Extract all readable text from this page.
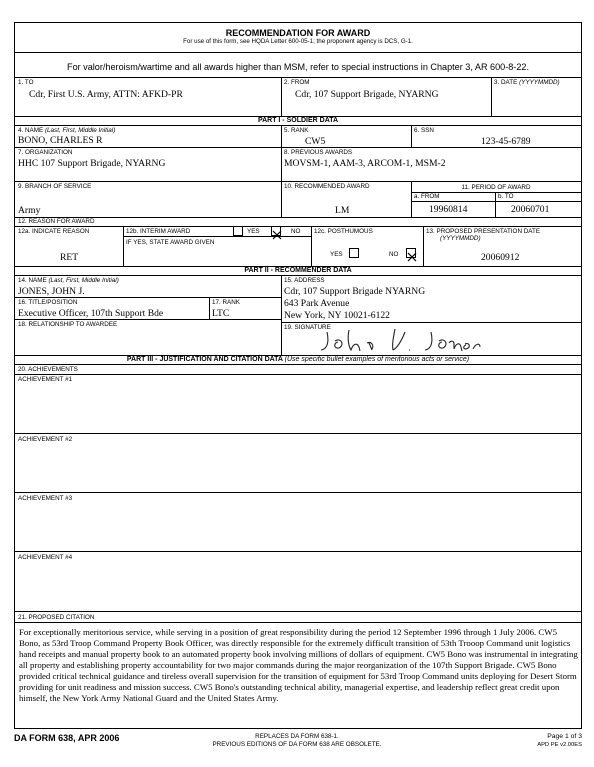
RECOMMENDATION FOR AWARD
For use of this form, see HQDA Letter 600-05-1; the proponent agency is DCS, G-1.
For valor/heroism/wartime and all awards higher than MSM, refer to special instructions in Chapter 3, AR 600-8-22.
1. TO
Cdr, First U.S. Army, ATTN: AFKD-PR
2. FROM
Cdr, 107 Support Brigade, NYARNG
3. DATE (YYYYMMDD)
PART I - SOLDIER DATA
4. NAME (Last, First, Middle Initial)
BONO, CHARLES R
5. RANK
CW5
6. SSN
123-45-6789
7. ORGANIZATION
HHC 107 Support Brigade, NYARNG
8. PREVIOUS AWARDS
MOVSM-1, AAM-3, ARCOM-1, MSM-2
9. BRANCH OF SERVICE
Army
10. RECOMMENDED AWARD
LM
11. PERIOD OF AWARD
a. FROM
19960814
b. TO
20060701
12. REASON FOR AWARD
12a. INDICATE REASON
RET
12b. INTERIM AWARD	YES	NO
IF YES, STATE AWARD GIVEN
12c. POSTHUMOUS
YES	NO
13. PROPOSED PRESENTATION DATE
(YYYYMMDD)
20060912
PART II - RECOMMENDER DATA
14. NAME (Last, First, Middle Initial)
JONES, JOHN J.
16. TITLE/POSITION
Executive Officer, 107th Support Bde
17. RANK
LTC
18. RELATIONSHIP TO AWARDEE
15. ADDRESS
Cdr, 107 Support Brigade NYARNG
643 Park Avenue
New York, NY 10021-6122
19. SIGNATURE
PART III - JUSTIFICATION AND CITATION DATA (Use specific bullet examples of meritorious acts or service)
20. ACHIEVEMENTS
ACHIEVEMENT #1
ACHIEVEMENT #2
ACHIEVEMENT #3
ACHIEVEMENT #4
21. PROPOSED CITATION
For exceptionally meritorious service, while serving in a position of great responsibility during the period 12 September 1996 through 1 July 2006. CW5 Bono, as 53rd Troop Command Property Book Officer, was directly responsible for the extremely difficult transition of 53th Trooop Command unit logistics hand receipts and manual property book to an automated property book involving millions of dollars of equipment. CW5 Bono was instrumental in integrating all property and establishing property accountability for two major commands during the major reorganization of the 107th Support Brigade. CW5 Bono provided critical technical guidance and tireless overall supervision for the transition of equipment for 53rd Troop Command units deploying for Desert Storm providing for unit readiness and mission success. CW5 Bono's outstanding technical ability, managerial expertise, and leadership reflect great credit upon himself, the New York Army National Guard and the United States Army.
DA FORM 638, APR 2006	REPLACES DA FORM 638-1.
PREVIOUS EDITIONS OF DA FORM 638 ARE OBSOLETE.
Page 1 of 3
APD PE v2.00ES
